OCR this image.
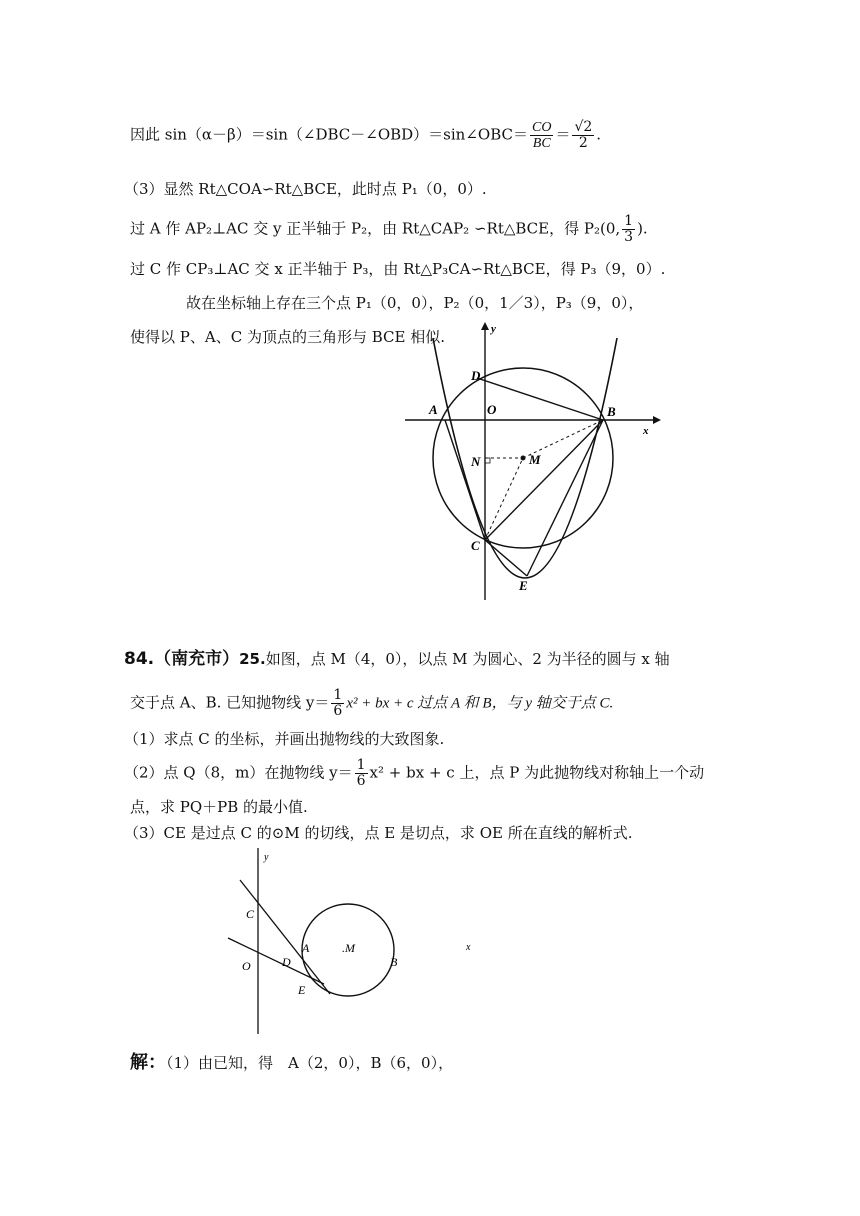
因此 sin（α－β）＝sin（∠DBC－∠OBD）＝sin∠OBC＝ $\frac{CO}{BC} = \frac{√2}{2}$ .
（3）显然 Rt△COA∽Rt△BCE，此时点 P₁（0，0）.
过 A 作 AP₂⊥AC 交 y 正半轴于 P₂，由 Rt△CAP₂ ∽Rt△BCE，得 P₂(0, $\frac{1}{3}$ ).
过 C 作 CP₃⊥AC 交 x 正半轴于 P₃，由 Rt△P₃CA∽Rt△BCE，得 P₃（9，0）.
故在坐标轴上存在三个点 P₁（0，0），P₂（0，1／3），P₃（9，0），
使得以 P、A、C 为顶点的三角形与 BCE 相似.	y
x
D
A	O	B
N	M
C
E
84.（南充市）25.如图，点 M（4，0），以点 M 为圆心、2 为半径的圆与 x 轴
交于点 A、B. 已知抛物线 $y= \frac{1}{6} x^2$ + bx + c 过点 A 和 B，与 y 轴交于点 C.
（1）求点 C 的坐标，并画出抛物线的大致图象.
（2）点 Q（8，m）在抛物线 $y= \frac{1}{6} x^2$ + bx + c 上，点 P 为此抛物线对称轴上一个动
点，求 PQ＋PB 的最小值.
（3）CE 是过点 C 的⊙M 的切线，点 E 是切点，求 OE 所在直线的解析式.
y
C
A	.M
B
O	D
E
x
解：（1）由已知，得　A（2，0），B（6，0），
